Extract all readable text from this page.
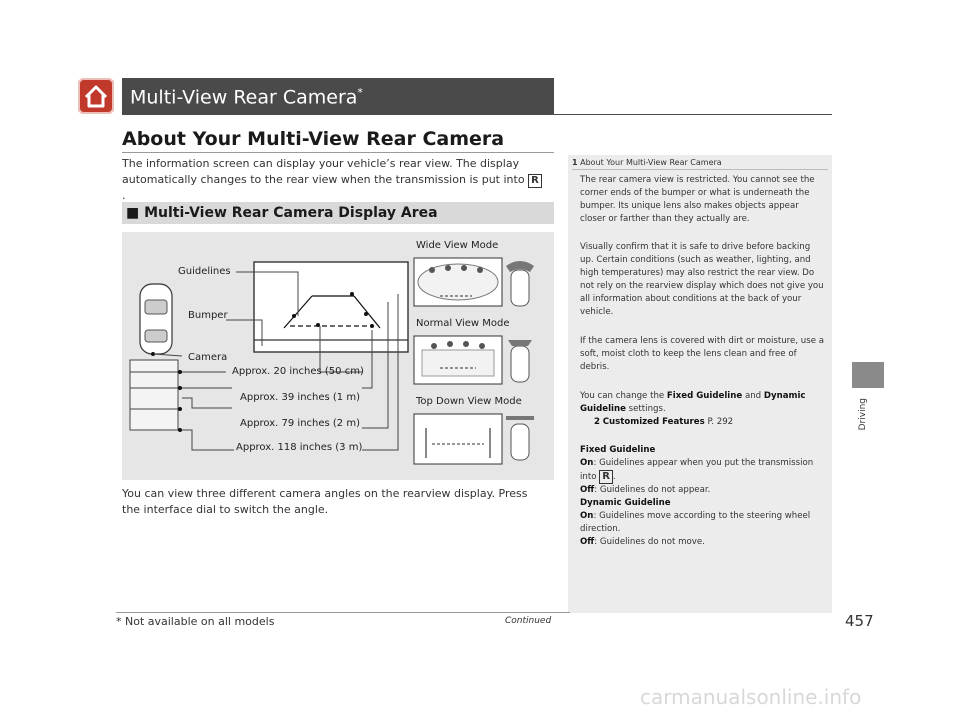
Multi-View Rear Camera*
About Your Multi-View Rear Camera
The information screen can display your vehicle’s rear view. The display automatically changes to the rear view when the transmission is put into R.
■ Multi-View Rear Camera Display Area
Guidelines
Bumper
Camera
Approx. 20 inches (50 cm)
Approx. 39 inches (1 m)
Approx. 79 inches (2 m)
Approx. 118 inches (3 m)
Wide View Mode
Normal View Mode
Top Down View Mode
You can view three different camera angles on the rearview display. Press the interface dial to switch the angle.
1 About Your Multi-View Rear Camera
The rear camera view is restricted. You cannot see the corner ends of the bumper or what is underneath the bumper. Its unique lens also makes objects appear closer or farther than they actually are.
Visually confirm that it is safe to drive before backing up. Certain conditions (such as weather, lighting, and high temperatures) may also restrict the rear view. Do not rely on the rearview display which does not give you all information about conditions at the back of your vehicle.
If the camera lens is covered with dirt or moisture, use a soft, moist cloth to keep the lens clean and free of debris.
You can change the Fixed Guideline and Dynamic Guideline settings.
2 Customized Features P. 292
Fixed Guideline
On: Guidelines appear when you put the transmission into R .
Off: Guidelines do not appear.
Dynamic Guideline
On: Guidelines move according to the steering wheel direction.
Off: Guidelines do not move.
Driving
* Not available on all models	Continued	457
carmanualsonline.info
